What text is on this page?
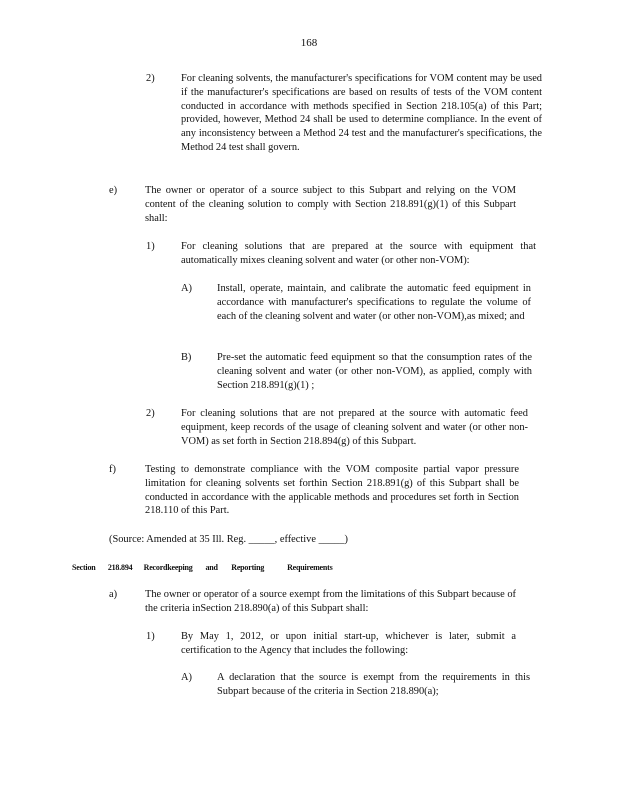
168
2)	For cleaning solvents, the manufacturer's specifications for VOM content may be used if the manufacturer's specifications are based on results of tests of the VOM content conducted in accordance with methods specified in Section 218.105(a) of this Part; provided, however, Method 24 shall be used to determine compliance. In the event of any inconsistency between a Method 24 test and the manufacturer's specifications, the Method 24 test shall govern.
e)	The owner or operator of a source subject to this Subpart and relying on the VOM content of the cleaning solution to comply with Section 218.891(g)(1) of this Subpart shall:
1)	For cleaning solutions that are prepared at the source with equipment that automatically mixes cleaning solvent and water (or other non-VOM):
A)	Install, operate, maintain, and calibrate the automatic feed equipment in accordance with manufacturer's specifications to regulate the volume of each of the cleaning solvent and water (or other non-VOM),as mixed; and
B)	Pre-set the automatic feed equipment so that the consumption rates of the cleaning solvent and water (or other non-VOM), as applied, comply with Section 218.891(g)(1) ;
2)	For cleaning solutions that are not prepared at the source with automatic feed equipment, keep records of the usage of cleaning solvent and water (or other non-VOM) as set forth in Section 218.894(g) of this Subpart.
f)	Testing to demonstrate compliance with the VOM composite partial vapor pressure limitation for cleaning solvents set forthin Section 218.891(g) of this Subpart shall be conducted in accordance with the applicable methods and procedures set forth in Section 218.110 of this Part.
(Source: Amended at 35 Ill. Reg. _____, effective _____)
Section 218.894 Recordkeeping and Reporting	Requirements
a)	The owner or operator of a source exempt from the limitations of this Subpart because of the criteria inSection 218.890(a) of this Subpart shall:
1)	By May 1, 2012, or upon initial start-up, whichever is later, submit a certification to the Agency that includes the following:
A)	A declaration that the source is exempt from the requirements in this Subpart because of the criteria in Section 218.890(a);
